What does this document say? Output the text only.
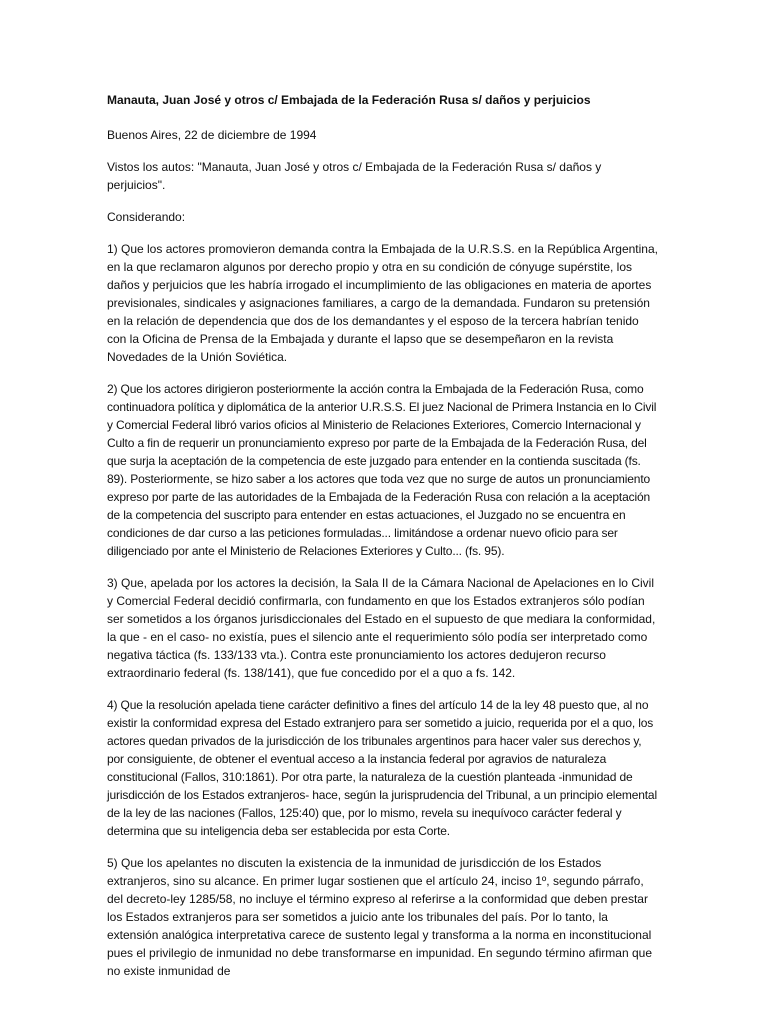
Manauta, Juan José y otros c/ Embajada de la Federación Rusa s/ daños y perjuicios
Buenos Aires, 22 de diciembre de 1994
Vistos los autos: "Manauta, Juan José y otros c/ Embajada de la Federación Rusa s/ daños y perjuicios".
Considerando:
1) Que los actores promovieron demanda contra la Embajada de la U.R.S.S. en la República Argentina, en la que reclamaron algunos por derecho propio y otra en su condición de cónyuge supérstite, los daños y perjuicios que les habría irrogado el incumplimiento de las obligaciones en materia de aportes previsionales, sindicales y asignaciones familiares, a cargo de la demandada. Fundaron su pretensión en la relación de dependencia que dos de los demandantes y el esposo de la tercera habrían tenido con la Oficina de Prensa de la Embajada y durante el lapso que se desempeñaron en la revista Novedades de la Unión Soviética.
2) Que los actores dirigieron posteriormente la acción contra la Embajada de la Federación Rusa, como continuadora política y diplomática de la anterior U.R.S.S. El juez Nacional de Primera Instancia en lo Civil y Comercial Federal libró varios oficios al Ministerio de Relaciones Exteriores, Comercio Internacional y Culto a fin de requerir un pronunciamiento expreso por parte de la Embajada de la Federación Rusa, del que surja la aceptación de la competencia de este juzgado para entender en la contienda suscitada (fs. 89). Posteriormente, se hizo saber a los actores que toda vez que no surge de autos un pronunciamiento expreso por parte de las autoridades de la Embajada de la Federación Rusa con relación a la aceptación de la competencia del suscripto para entender en estas actuaciones, el Juzgado no se encuentra en condiciones de dar curso a las peticiones formuladas... limitándose a ordenar nuevo oficio para ser diligenciado por ante el Ministerio de Relaciones Exteriores y Culto... (fs. 95).
3) Que, apelada por los actores la decisión, la Sala II de la Cámara Nacional de Apelaciones en lo Civil y Comercial Federal decidió confirmarla, con fundamento en que los Estados extranjeros sólo podían ser sometidos a los órganos jurisdiccionales del Estado en el supuesto de que mediara la conformidad, la que - en el caso- no existía, pues el silencio ante el requerimiento sólo podía ser interpretado como negativa táctica (fs. 133/133 vta.). Contra este pronunciamiento los actores dedujeron recurso extraordinario federal (fs. 138/141), que fue concedido por el a quo a fs. 142.
4) Que la resolución apelada tiene carácter definitivo a fines del artículo 14 de la ley 48 puesto que, al no existir la conformidad expresa del Estado extranjero para ser sometido a juicio, requerida por el a quo, los actores quedan privados de la jurisdicción de los tribunales argentinos para hacer valer sus derechos y, por consiguiente, de obtener el eventual acceso a la instancia federal por agravios de naturaleza constitucional (Fallos, 310:1861). Por otra parte, la naturaleza de la cuestión planteada -inmunidad de jurisdicción de los Estados extranjeros- hace, según la jurisprudencia del Tribunal, a un principio elemental de la ley de las naciones (Fallos, 125:40) que, por lo mismo, revela su inequívoco carácter federal y determina que su inteligencia deba ser establecida por esta Corte.
5) Que los apelantes no discuten la existencia de la inmunidad de jurisdicción de los Estados extranjeros, sino su alcance. En primer lugar sostienen que el artículo 24, inciso 1º, segundo párrafo, del decreto-ley 1285/58, no incluye el término expreso al referirse a la conformidad que deben prestar los Estados extranjeros para ser sometidos a juicio ante los tribunales del país. Por lo tanto, la extensión analógica interpretativa carece de sustento legal y transforma a la norma en inconstitucional pues el privilegio de inmunidad no debe transformarse en impunidad. En segundo término afirman que no existe inmunidad de
